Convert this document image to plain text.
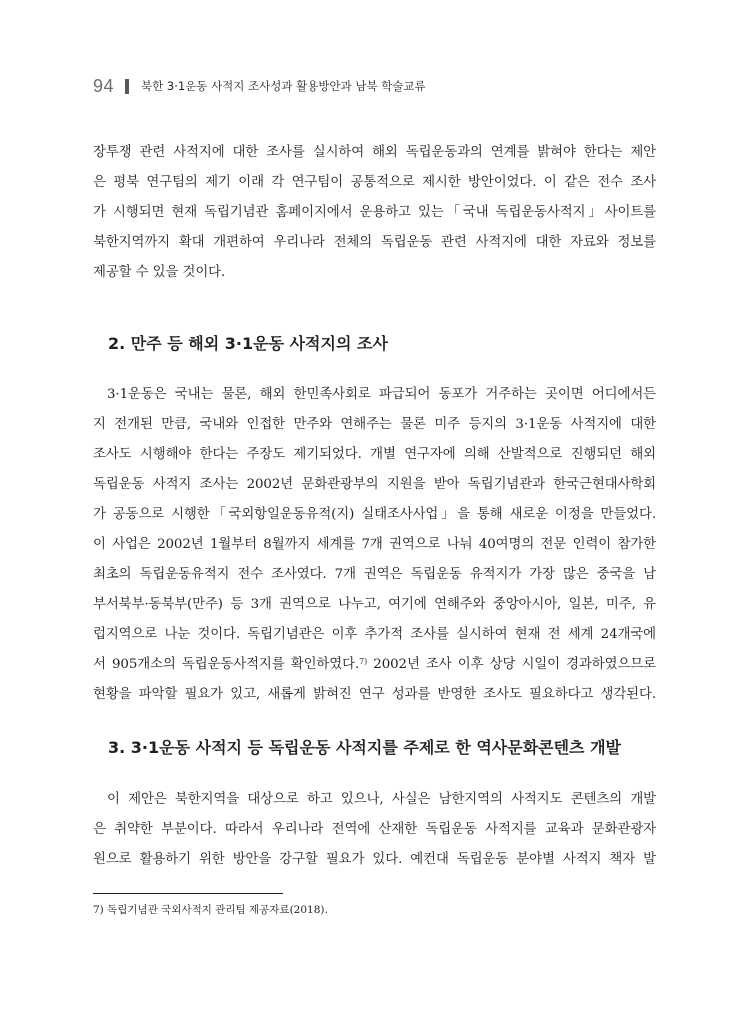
94 북한 3·1운동 사적지 조사성과 활용방안과 남북 학술교류
장투쟁 관련 사적지에 대한 조사를 실시하여 해외 독립운동과의 연계를 밝혀야 한다는 제안
은 평북 연구팀의 제기 이래 각 연구팀이 공통적으로 제시한 방안이었다. 이 같은 전수 조사
가 시행되면 현재 독립기념관 홈페이지에서 운용하고 있는「국내 독립운동사적지」사이트를
북한지역까지 확대 개편하여 우리나라 전체의 독립운동 관련 사적지에 대한 자료와 정보를
제공할 수 있을 것이다.
2. 만주 등 해외 3·1운동 사적지의 조사
3·1운동은 국내는 물론, 해외 한민족사회로 파급되어 동포가 거주하는 곳이면 어디에서든
지 전개된 만큼, 국내와 인접한 만주와 연해주는 물론 미주 등지의 3·1운동 사적지에 대한
조사도 시행해야 한다는 주장도 제기되었다. 개별 연구자에 의해 산발적으로 진행되던 해외
독립운동 사적지 조사는 2002년 문화관광부의 지원을 받아 독립기념관과 한국근현대사학회
가 공동으로 시행한「국외항일운동유적(지) 실태조사사업」을 통해 새로운 이정을 만들었다.
이 사업은 2002년 1월부터 8월까지 세계를 7개 권역으로 나눠 40여명의 전문 인력이 참가한
최초의 독립운동유적지 전수 조사였다. 7개 권역은 독립운동 유적지가 가장 많은 중국을 남
부서북부·동북부(만주) 등 3개 권역으로 나누고, 여기에 연해주와 중앙아시아, 일본, 미주, 유
럽지역으로 나눈 것이다. 독립기념관은 이후 추가적 조사를 실시하여 현재 전 세계 24개국에
서 905개소의 독립운동사적지를 확인하였다.$^{7)}$ 2002년 조사 이후 상당 시일이 경과하였으므로
현황을 파악할 필요가 있고, 새롭게 밝혀진 연구 성과를 반영한 조사도 필요하다고 생각된다.
3. 3·1운동 사적지 등 독립운동 사적지를 주제로 한 역사문화콘텐츠 개발
이 제안은 북한지역을 대상으로 하고 있으나, 사실은 남한지역의 사적지도 콘텐츠의 개발
은 취약한 부분이다. 따라서 우리나라 전역에 산재한 독립운동 사적지를 교육과 문화관광자
원으로 활용하기 위한 방안을 강구할 필요가 있다. 예컨대 독립운동 분야별 사적지 책자 발
7) 독립기념관 국외사적지 관리팀 제공자료(2018).
